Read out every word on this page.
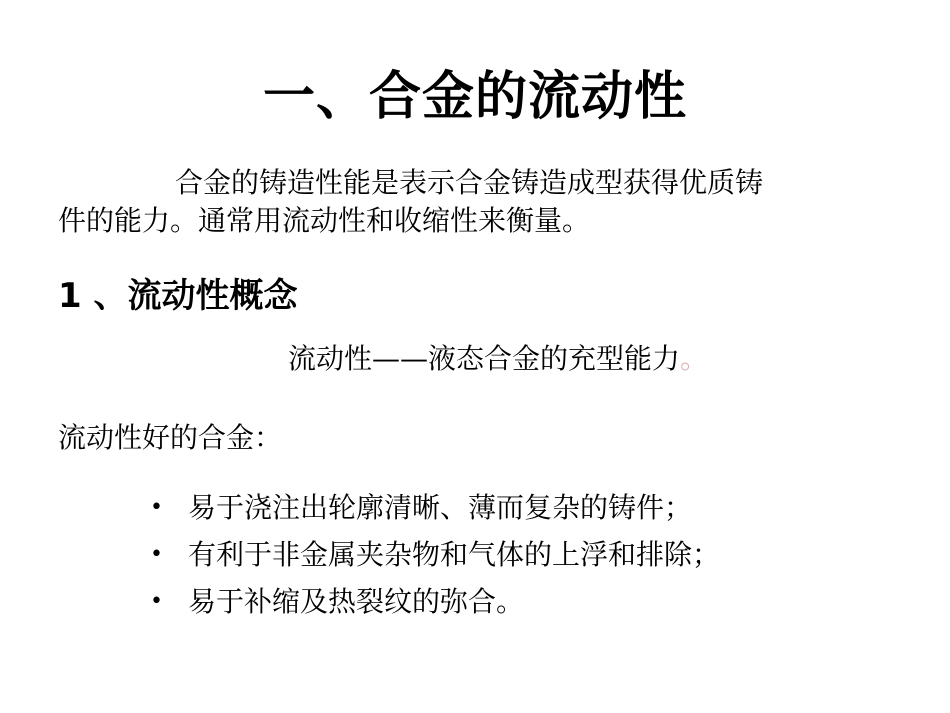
一、合金的流动性
合金的铸造性能是表示合金铸造成型获得优质铸
件的能力。通常用流动性和收缩性来衡量。
1 、流动性概念
流动性——液态合金的充型能力。
流动性好的合金：
• 易于浇注出轮廓清晰、薄而复杂的铸件；
• 有利于非金属夹杂物和气体的上浮和排除；
• 易于补缩及热裂纹的弥合。
